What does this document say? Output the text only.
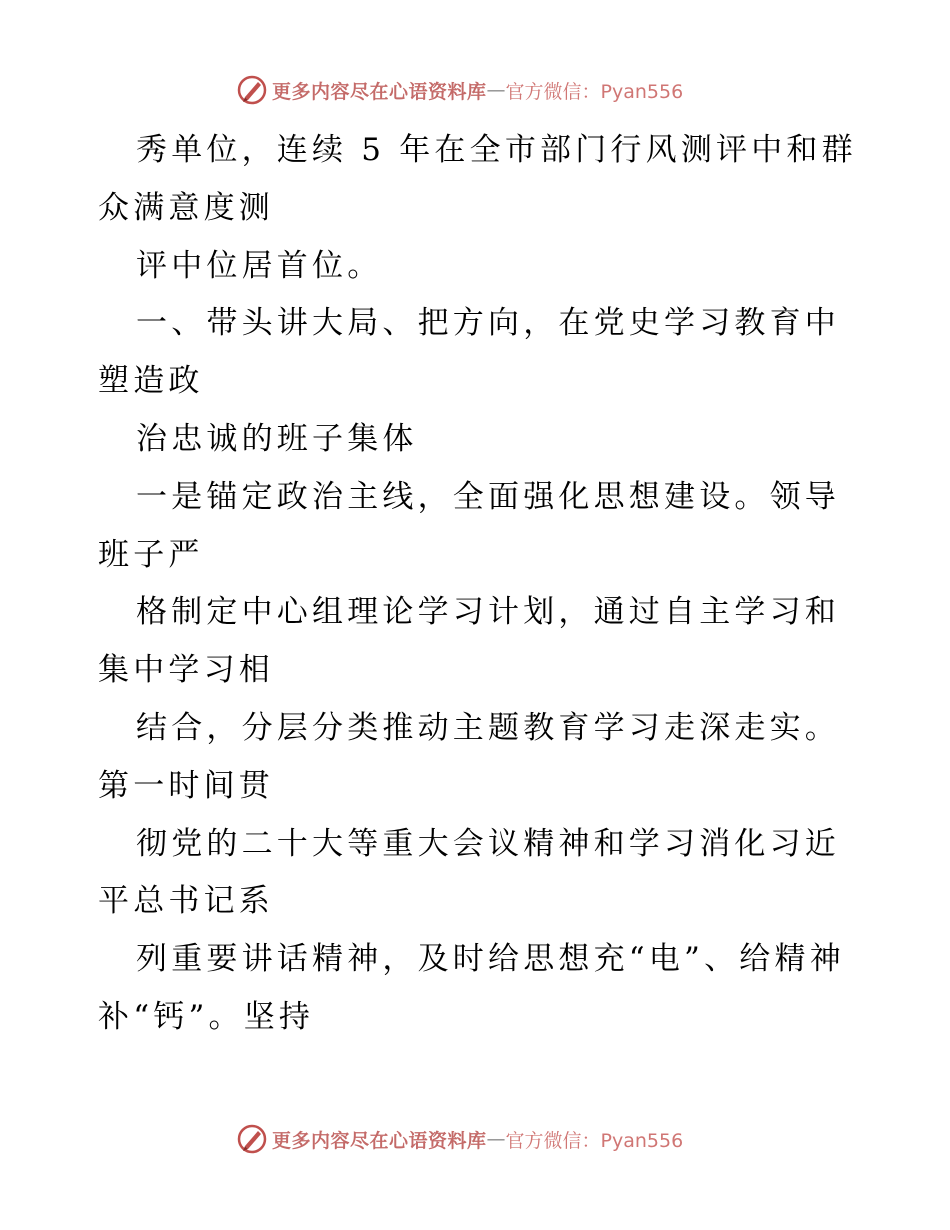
更多内容尽在心语资料库 — 官方微信：Pyan556

秀单位，连续 5 年在全市部门行风测评中和群众满意度测

评中位居首位。

一、带头讲大局、把方向，在党史学习教育中塑造政

治忠诚的班子集体

一是锚定政治主线，全面强化思想建设。领导班子严

格制定中心组理论学习计划，通过自主学习和集中学习相

结合，分层分类推动主题教育学习走深走实。第一时间贯

彻党的二十大等重大会议精神和学习消化习近平总书记系

列重要讲话精神，及时给思想充“电”、给精神补“钙”。坚持

更多内容尽在心语资料库 — 官方微信：Pyan556
